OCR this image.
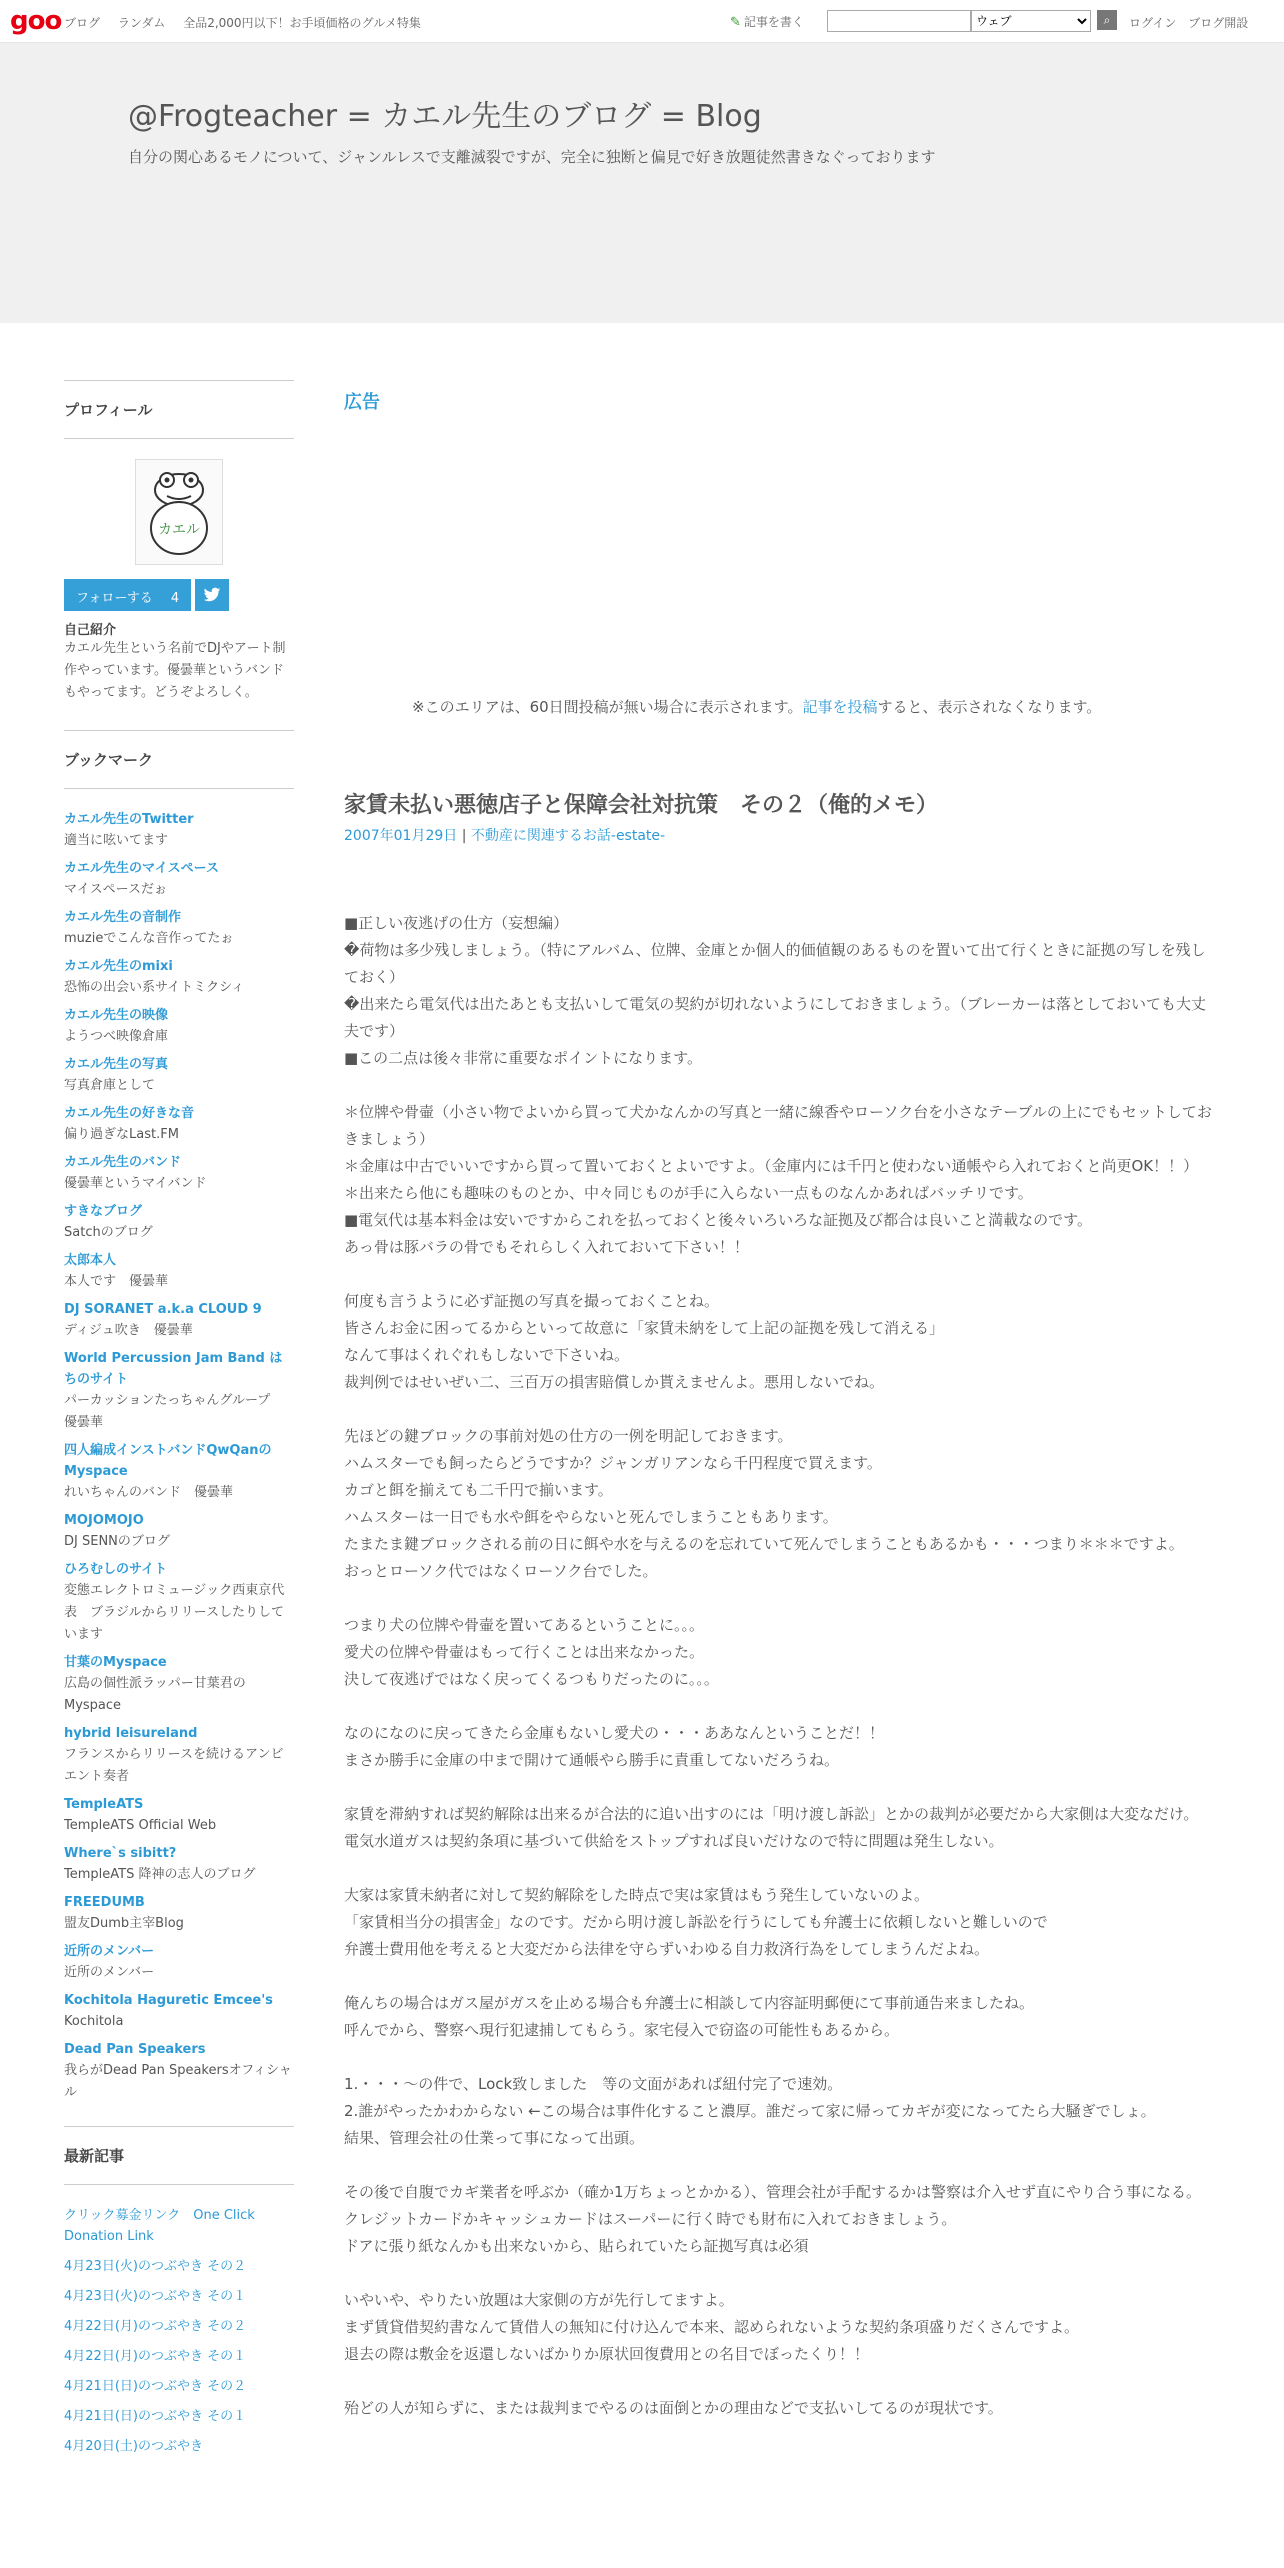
goo ブログ ランダム 全品2,000円以下！お手頃価格のグルメ特集	✎ 記事を書く
ウェブ	⌕	ログイン ブログ開設
@Frogteacher = カエル先生のブログ = Blog
自分の関心あるモノについて、ジャンルレスで支離滅裂ですが、完全に独断と偏見で好き放題徒然書きなぐっております
プロフィール
カエル
フォローする 4
自己紹介
カエル先生という名前でDJやアート制作やっています。優曇華というバンドもやってます。どうぞよろしく。
ブックマーク
カエル先生のTwitter
適当に呟いてます
カエル先生のマイスペース
マイスペースだぉ
カエル先生の音制作
muzieでこんな音作ってたぉ
カエル先生のmixi
恐怖の出会い系サイトミクシィ
カエル先生の映像
ようつべ映像倉庫
カエル先生の写真
写真倉庫として
カエル先生の好きな音
偏り過ぎなLast.FM
カエル先生のバンド
優曇華というマイバンド
すきなブログ
Satchのブログ
太郎本人
本人です　優曇華
DJ SORANET a.k.a CLOUD 9
ディジュ吹き　優曇華
World Percussion Jam Band はちのサイト
パーカッションたっちゃんグループ　優曇華
四人編成インストバンドQwQanのMyspace
れいちゃんのバンド　優曇華
MOJOMOJO
DJ SENNのブログ
ひろむしのサイト
変態エレクトロミュージック西東京代表　ブラジルからリリースしたりしています
甘葉のMyspace
広島の個性派ラッパー甘葉君のMyspace
hybrid leisureland
フランスからリリースを続けるアンビエント奏者
TempleATS
TempleATS Official Web
Where`s sibitt?
TempleATS 降神の志人のブログ
FREEDUMB
盟友Dumb主宰Blog
近所のメンバー
近所のメンバー
Kochitola Haguretic Emcee's
Kochitola
Dead Pan Speakers
我らがDead Pan Speakersオフィシャル
最新記事
クリック募金リンク　One Click Donation Link
4月23日(火)のつぶやき その２
4月23日(火)のつぶやき その１
4月22日(月)のつぶやき その２
4月22日(月)のつぶやき その１
4月21日(日)のつぶやき その２
4月21日(日)のつぶやき その１
4月20日(土)のつぶやき
広告
※このエリアは、60日間投稿が無い場合に表示されます。記事を投稿すると、表示されなくなります。
家賃未払い悪徳店子と保障会社対抗策　その２（俺的メモ）
2007年01月29日 | 不動産に関連するお話-estate-

■正しい夜逃げの仕方（妄想編）

�荷物は多少残しましょう。（特にアルバム、位牌、金庫とか個人的価値観のあるものを置いて出て行くときに証拠の写しを残しておく）

�出来たら電気代は出たあとも支払いして電気の契約が切れないようにしておきましょう。（ブレーカーは落としておいても大丈夫です）

■この二点は後々非常に重要なポイントになります。

＊位牌や骨壷（小さい物でよいから買って犬かなんかの写真と一緒に線香やローソク台を小さなテーブルの上にでもセットしておきましょう）

＊金庫は中古でいいですから買って置いておくとよいですよ。（金庫内には千円と使わない通帳やら入れておくと尚更OK！！）

＊出来たら他にも趣味のものとか、中々同じものが手に入らない一点ものなんかあればバッチリです。

■電気代は基本料金は安いですからこれを払っておくと後々いろいろな証拠及び都合は良いこと満載なのです。

あっ骨は豚バラの骨でもそれらしく入れておいて下さい！！

何度も言うように必ず証拠の写真を撮っておくことね。

皆さんお金に困ってるからといって故意に「家賃未納をして上記の証拠を残して消える」

なんて事はくれぐれもしないで下さいね。

裁判例ではせいぜい二、三百万の損害賠償しか貰えませんよ。悪用しないでね。

先ほどの鍵ブロックの事前対処の仕方の一例を明記しておきます。

ハムスターでも飼ったらどうですか？ジャンガリアンなら千円程度で買えます。

カゴと餌を揃えても二千円で揃います。

ハムスターは一日でも水や餌をやらないと死んでしまうこともあります。

たまたま鍵ブロックされる前の日に餌や水を与えるのを忘れていて死んでしまうこともあるかも・・・つまり＊＊＊ですよ。

おっとローソク代ではなくローソク台でした。

つまり犬の位牌や骨壷を置いてあるということに。。。

愛犬の位牌や骨壷はもって行くことは出来なかった。

決して夜逃げではなく戻ってくるつもりだったのに。。。

なのになのに戻ってきたら金庫もないし愛犬の・・・ああなんということだ！！

まさか勝手に金庫の中まで開けて通帳やら勝手に責重してないだろうね。

家賃を滞納すれば契約解除は出来るが合法的に追い出すのには「明け渡し訴訟」とかの裁判が必要だから大家側は大変なだけ。

電気水道ガスは契約条項に基づいて供給をストップすれば良いだけなので特に問題は発生しない。

大家は家賃未納者に対して契約解除をした時点で実は家賃はもう発生していないのよ。

「家賃相当分の損害金」なのです。だから明け渡し訴訟を行うにしても弁護士に依頼しないと難しいので

弁護士費用他を考えると大変だから法律を守らずいわゆる自力救済行為をしてしまうんだよね。

俺んちの場合はガス屋がガスを止める場合も弁護士に相談して内容証明郵便にて事前通告来ましたね。

呼んでから、警察へ現行犯逮捕してもらう。家宅侵入で窃盗の可能性もあるから。

1.・・・～の件で、Lock致しました　等の文面があれば紐付完了で速効。

2.誰がやったかわからない ←この場合は事件化すること濃厚。誰だって家に帰ってカギが変になってたら大騒ぎでしょ。

結果、管理会社の仕業って事になって出頭。

その後で自腹でカギ業者を呼ぶか（確か1万ちょっとかかる）、管理会社が手配するかは警察は介入せず直にやり合う事になる。

クレジットカードかキャッシュカードはスーパーに行く時でも財布に入れておきましょう。

ドアに張り紙なんかも出来ないから、貼られていたら証拠写真は必須

いやいや、やりたい放題は大家側の方が先行してますよ。

まず賃貸借契約書なんて賃借人の無知に付け込んで本来、認められないような契約条項盛りだくさんですよ。

退去の際は敷金を返還しないばかりか原状回復費用との名目でぼったくり！！

殆どの人が知らずに、または裁判までやるのは面倒とかの理由などで支払いしてるのが現状です。
